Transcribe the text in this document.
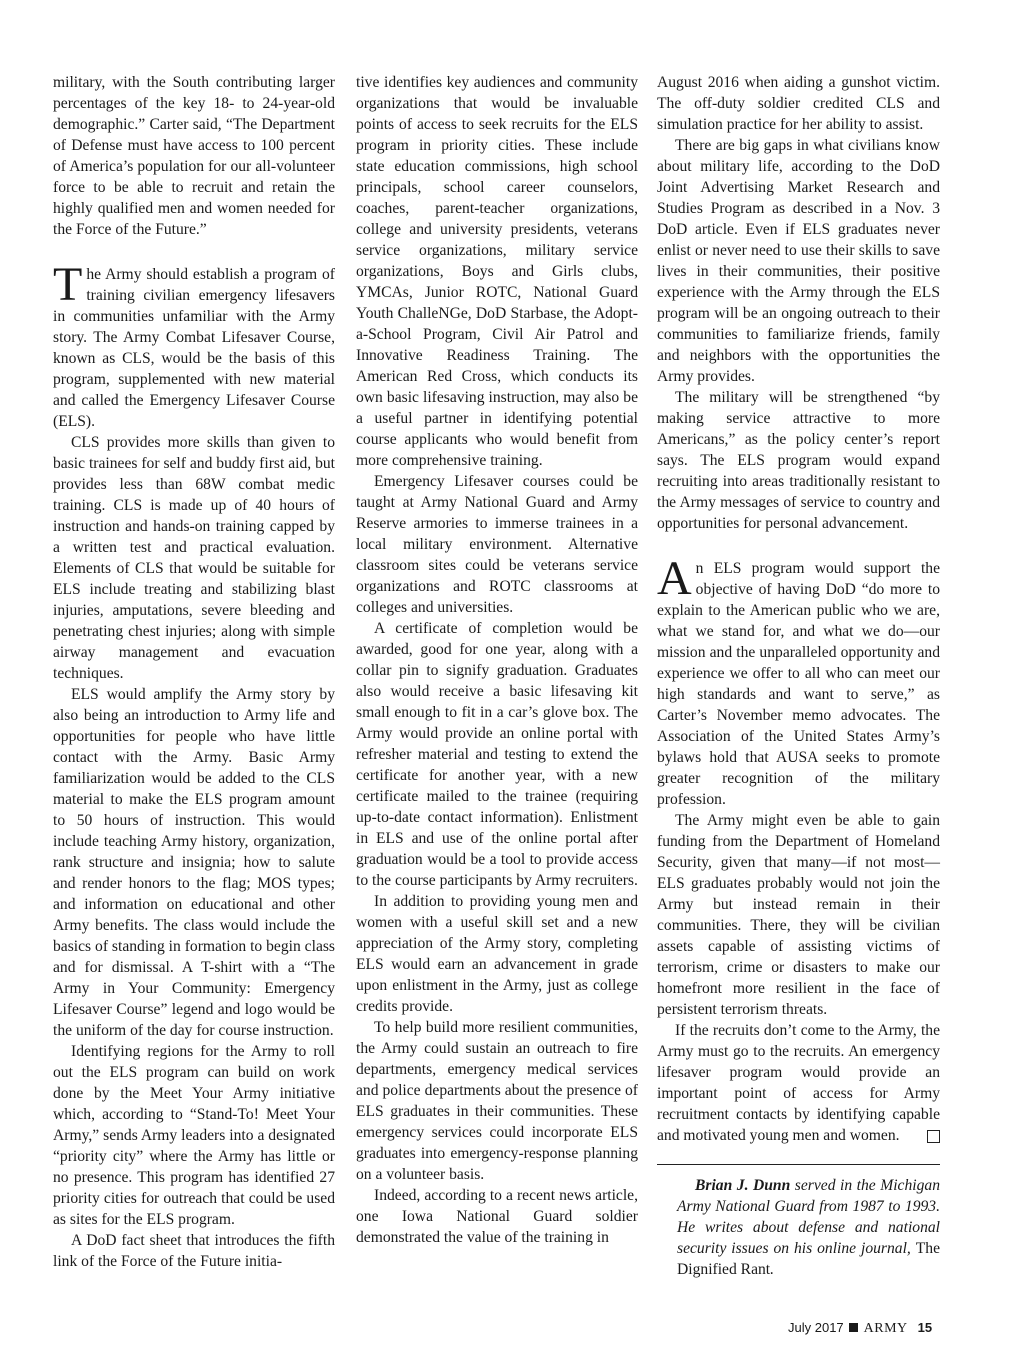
military, with the South contributing larger percentages of the key 18- to 24-year-old demographic.” Carter said, “The Department of Defense must have access to 100 percent of America’s population for our all-volunteer force to be able to recruit and retain the highly qualified men and women needed for the Force of the Future.”

The Army should establish a program of training civilian emergency lifesavers in communities unfamiliar with the Army story. The Army Combat Lifesaver Course, known as CLS, would be the basis of this program, supplemented with new material and called the Emergency Lifesaver Course (ELS).

CLS provides more skills than given to basic trainees for self and buddy first aid, but provides less than 68W combat medic training. CLS is made up of 40 hours of instruction and hands-on training capped by a written test and practical evaluation. Elements of CLS that would be suitable for ELS include treating and stabilizing blast injuries, amputations, severe bleeding and penetrating chest injuries; along with simple airway management and evacuation techniques.

ELS would amplify the Army story by also being an introduction to Army life and opportunities for people who have little contact with the Army. Basic Army familiarization would be added to the CLS material to make the ELS program amount to 50 hours of instruction. This would include teaching Army history, organization, rank structure and insignia; how to salute and render honors to the flag; MOS types; and information on educational and other Army benefits. The class would include the basics of standing in formation to begin class and for dismissal. A T-shirt with a “The Army in Your Community: Emergency Lifesaver Course” legend and logo would be the uniform of the day for course instruction.

Identifying regions for the Army to roll out the ELS program can build on work done by the Meet Your Army initiative which, according to “Stand-To! Meet Your Army,” sends Army leaders into a designated “priority city” where the Army has little or no presence. This program has identified 27 priority cities for outreach that could be used as sites for the ELS program.

A DoD fact sheet that introduces the fifth link of the Force of the Future initia-

tive identifies key audiences and community organizations that would be invaluable points of access to seek recruits for the ELS program in priority cities. These include state education commissions, high school principals, school career counselors, coaches, parent-teacher organizations, college and university presidents, veterans service organizations, military service organizations, Boys and Girls clubs, YMCAs, Junior ROTC, National Guard Youth ChalleNGe, DoD Starbase, the Adopt-a-School Program, Civil Air Patrol and Innovative Readiness Training. The American Red Cross, which conducts its own basic lifesaving instruction, may also be a useful partner in identifying potential course applicants who would benefit from more comprehensive training.

Emergency Lifesaver courses could be taught at Army National Guard and Army Reserve armories to immerse trainees in a local military environment. Alternative classroom sites could be veterans service organizations and ROTC classrooms at colleges and universities.

A certificate of completion would be awarded, good for one year, along with a collar pin to signify graduation. Graduates also would receive a basic lifesaving kit small enough to fit in a car’s glove box. The Army would provide an online portal with refresher material and testing to extend the certificate for another year, with a new certificate mailed to the trainee (requiring up-to-date contact information). Enlistment in ELS and use of the online portal after graduation would be a tool to provide access to the course participants by Army recruiters.

In addition to providing young men and women with a useful skill set and a new appreciation of the Army story, completing ELS would earn an advancement in grade upon enlistment in the Army, just as college credits provide.

To help build more resilient communities, the Army could sustain an outreach to fire departments, emergency medical services and police departments about the presence of ELS graduates in their communities. These emergency services could incorporate ELS graduates into emergency-response planning on a volunteer basis.

Indeed, according to a recent news article, one Iowa National Guard soldier demonstrated the value of the training in

August 2016 when aiding a gunshot victim. The off-duty soldier credited CLS and simulation practice for her ability to assist.

There are big gaps in what civilians know about military life, according to the DoD Joint Advertising Market Research and Studies Program as described in a Nov. 3 DoD article. Even if ELS graduates never enlist or never need to use their skills to save lives in their communities, their positive experience with the Army through the ELS program will be an ongoing outreach to their communities to familiarize friends, family and neighbors with the opportunities the Army provides.

The military will be strengthened “by making service attractive to more Americans,” as the policy center’s report says. The ELS program would expand recruiting into areas traditionally resistant to the Army messages of service to country and opportunities for personal advancement.

An ELS program would support the objective of having DoD “do more to explain to the American public who we are, what we stand for, and what we do—our mission and the unparalleled opportunity and experience we offer to all who can meet our high standards and want to serve,” as Carter’s November memo advocates. The Association of the United States Army’s bylaws hold that AUSA seeks to promote greater recognition of the military profession.

The Army might even be able to gain funding from the Department of Homeland Security, given that many—if not most—ELS graduates probably would not join the Army but instead remain in their communities. There, they will be civilian assets capable of assisting victims of terrorism, crime or disasters to make our homefront more resilient in the face of persistent terrorism threats.

If the recruits don’t come to the Army, the Army must go to the recruits. An emergency lifesaver program would provide an important point of access for Army recruitment contacts by identifying capable and motivated young men and women.

Brian J. Dunn served in the Michigan Army National Guard from 1987 to 1993. He writes about defense and national security issues on his online journal, The Dignified Rant.

July 2017 ARMY 15
